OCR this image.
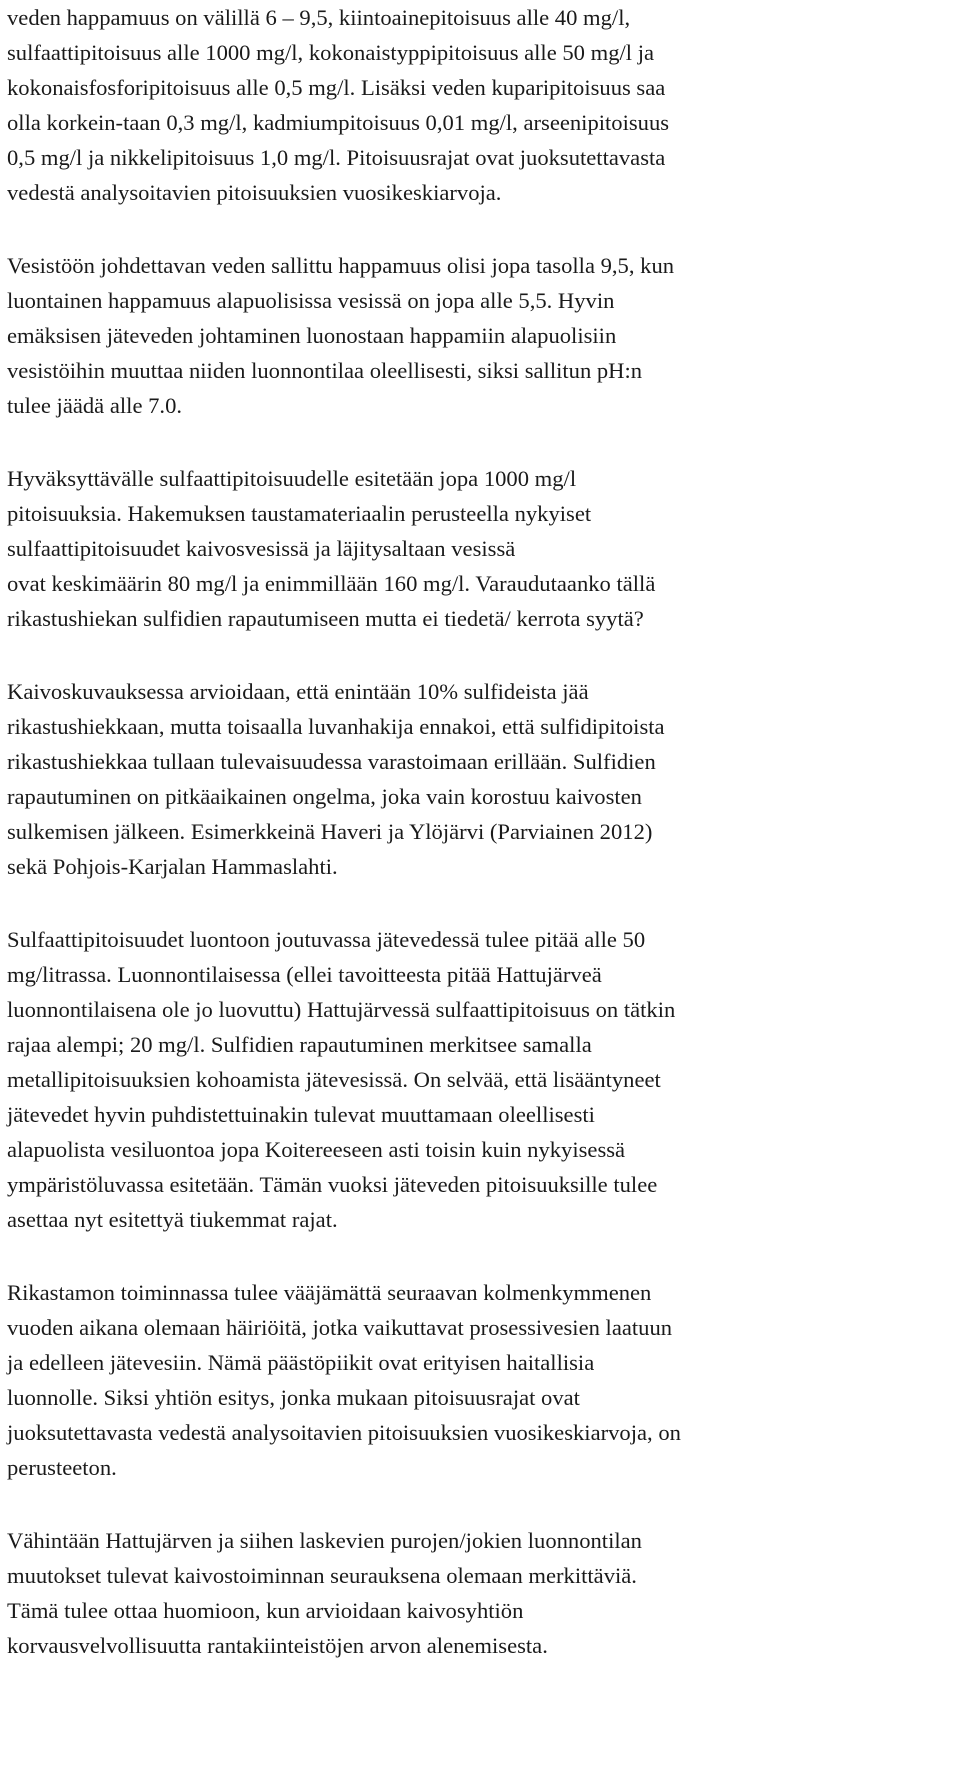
veden happamuus on välillä 6 – 9,5, kiintoainepitoisuus alle 40 mg/l,
sulfaattipitoisuus alle 1000 mg/l, kokonaistyppipitoisuus alle 50 mg/l ja
kokonaisfosforipitoisuus alle 0,5 mg/l. Lisäksi veden kuparipitoisuus saa
olla korkein-taan 0,3 mg/l, kadmiumpitoisuus 0,01 mg/l, arseenipitoisuus
0,5 mg/l ja nikkelipitoisuus 1,0 mg/l. Pitoisuusrajat ovat juoksutettavasta
vedestä analysoitavien pitoisuuksien vuosikeskiarvoja.
Vesistöön johdettavan veden sallittu happamuus olisi jopa tasolla 9,5, kun
luontainen happamuus alapuolisissa vesissä on jopa alle 5,5. Hyvin
emäksisen jäteveden johtaminen luonostaan happamiin alapuolisiin
vesistöihin muuttaa niiden luonnontilaa oleellisesti, siksi sallitun pH:n
tulee jäädä alle 7.0.
Hyväksyttävälle sulfaattipitoisuudelle esitetään jopa 1000 mg/l
pitoisuuksia. Hakemuksen taustamateriaalin perusteella nykyiset
sulfaattipitoisuudet kaivosvesissä ja läjitysaltaan vesissä
ovat keskimäärin 80 mg/l ja enimmillään 160 mg/l. Varaudutaanko tällä
rikastushiekan sulfidien rapautumiseen mutta ei tiedetä/ kerrota syytä?
Kaivoskuvauksessa arvioidaan, että enintään 10% sulfideista jää
rikastushiekkaan, mutta toisaalla luvanhakija ennakoi, että sulfidipitoista
rikastushiekkaa tullaan tulevaisuudessa varastoimaan erillään. Sulfidien
rapautuminen on pitkäaikainen ongelma, joka vain korostuu kaivosten
sulkemisen jälkeen. Esimerkkeinä Haveri ja Ylöjärvi (Parviainen 2012)
sekä Pohjois-Karjalan Hammaslahti.
Sulfaattipitoisuudet luontoon joutuvassa jätevedessä tulee pitää alle 50
mg/litrassa. Luonnontilaisessa (ellei tavoitteesta pitää Hattujärveä
luonnontilaisena ole jo luovuttu) Hattujärvessä sulfaattipitoisuus on tätkin
rajaa alempi; 20 mg/l. Sulfidien rapautuminen merkitsee samalla
metallipitoisuuksien kohoamista jätevesissä. On selvää, että lisääntyneet
jätevedet hyvin puhdistettuinakin tulevat muuttamaan oleellisesti
alapuolista vesiluontoa jopa Koitereeseen asti toisin kuin nykyisessä
ympäristöluvassa esitetään. Tämän vuoksi jäteveden pitoisuuksille tulee
asettaa nyt esitettyä tiukemmat rajat.
Rikastamon toiminnassa tulee vääjämättä seuraavan kolmenkymmenen
vuoden aikana olemaan häiriöitä, jotka vaikuttavat prosessivesien laatuun
ja edelleen jätevesiin. Nämä päästöpiikit ovat erityisen haitallisia
luonnolle. Siksi yhtiön esitys, jonka mukaan pitoisuusrajat ovat
juoksutettavasta vedestä analysoitavien pitoisuuksien vuosikeskiarvoja, on
perusteeton.
Vähintään Hattujärven ja siihen laskevien purojen/jokien luonnontilan
muutokset tulevat kaivostoiminnan seurauksena olemaan merkittäviä.
Tämä tulee ottaa huomioon, kun arvioidaan kaivosyhtiön
korvausvelvollisuutta rantakiinteistöjen arvon alenemisesta.
